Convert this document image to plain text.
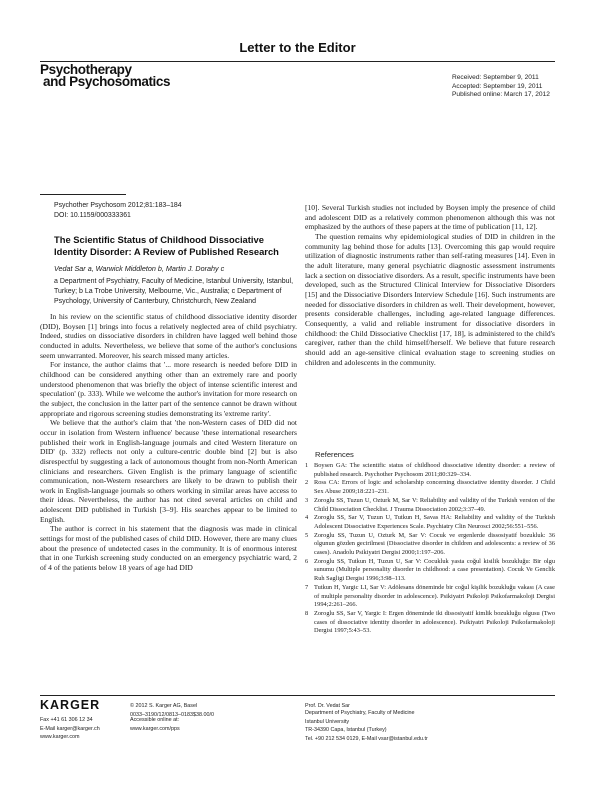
Letter to the Editor
Psychotherapy
and Psychosomatics	Received: September 9, 2011
Accepted: September 19, 2011
Published online: March 17, 2012
Psychother Psychosom 2012;81:183–184
DOI: 10.1159/000333361
The Scientific Status of Childhood Dissociative Identity Disorder: A Review of Published Research
Vedat Sar a, Warwick Middleton b, Martin J. Dorahy c
a Department of Psychiatry, Faculty of Medicine, Istanbul University, Istanbul, Turkey; b La Trobe University, Melbourne, Vic., Australia; c Department of Psychology, University of Canterbury, Christchurch, New Zealand

In his review on the scientific status of childhood dissociative identity disorder (DID), Boysen [1] brings into focus a relatively neglected area of child psychiatry. Indeed, studies on dissociative disorders in children have lagged well behind those conducted in adults. Nevertheless, we believe that some of the author's conclusions seem unwarranted. Moreover, his search missed many articles.

For instance, the author claims that '... more research is needed before DID in childhood can be considered anything other than an extremely rare and poorly understood phenomenon that was briefly the object of intense scientific interest and speculation' (p. 333). While we welcome the author's invitation for more research on the subject, the conclusion in the latter part of the sentence cannot be drawn without appropriate and rigorous screening studies demonstrating its 'extreme rarity'.

We believe that the author's claim that 'the non-Western cases of DID did not occur in isolation from Western influence' because 'these international researchers published their work in English-language journals and cited Western literature on DID' (p. 332) reflects not only a culture-centric double bind [2] but is also disrespectful by suggesting a lack of autonomous thought from non-North American clinicians and researchers. Given English is the primary language of scientific communication, non-Western researchers are likely to be drawn to publish their work in English-language journals so others working in similar areas have access to their ideas. Nevertheless, the author has not cited several articles on child and adolescent DID published in Turkish [3–9]. His searches appear to be limited to English.

The author is correct in his statement that the diagnosis was made in clinical settings for most of the published cases of child DID. However, there are many clues about the presence of undetected cases in the community. It is of enormous interest that in one Turkish screening study conducted on an emergency psychiatric ward, 2 of 4 of the patients below 18 years of age had DID

[10]. Several Turkish studies not included by Boysen imply the presence of child and adolescent DID as a relatively common phenomenon although this was not emphasized by the authors of these papers at the time of publication [11, 12].

The question remains why epidemiological studies of DID in children in the community lag behind those for adults [13]. Overcoming this gap would require utilization of diagnostic instruments rather than self-rating measures [14]. Even in the adult literature, many general psychiatric diagnostic assessment instruments lack a section on dissociative disorders. As a result, specific instruments have been developed, such as the Structured Clinical Interview for Dissociative Disorders [15] and the Dissociative Disorders Interview Schedule [16]. Such instruments are needed for dissociative disorders in children as well. Their development, however, presents considerable challenges, including age-related language differences. Consequently, a valid and reliable instrument for dissociative disorders in childhood: the Child Dissociative Checklist [17, 18], is administered to the child's caregiver, rather than the child himself/herself. We believe that future research should add an age-sensitive clinical evaluation stage to screening studies on children and adolescents in the community.

References
1 Boysen GA: The scientific status of childhood dissociative identity disorder: a review of published research. Psychother Psychosom 2011;80:329–334.
2 Ross CA: Errors of logic and scholarship concerning dissociative identity disorder. J Child Sex Abuse 2009;18:221–231.
3 Zoroglu SS, Tuzun U, Ozturk M, Sar V: Reliability and validity of the Turkish version of the Child Dissociation Checklist. J Trauma Dissociation 2002;3:37–49.
4 Zoroglu SS, Sar V, Tuzun U, Tutkun H, Savas HA: Reliability and validity of the Turkish Adolescent Dissociative Experiences Scale. Psychiatry Clin Neurosci 2002;56:551–556.
5 Zoroglu SS, Tuzun U, Ozturk M, Sar V: Cocuk ve ergenlerde dissosiyatif bozukluk: 36 olgunun gözden gecirilmesi (Dissociative disorder in children and adolescents: a review of 36 cases). Anadolu Psikiyatri Dergisi 2000;1:197–206.
6 Zoroglu SS, Tutkun H, Tuzun U, Sar V: Cocukluk yasta coğul kisilik bozukluğu: Bir olgu sunumu (Multiple personality disorder in childhood: a case presentation). Cocuk Ve Genclik Ruh Sagligi Dergisi 1996;3:98–113.
7 Tutkun H, Yargic LI, Sar V: Adölesans döneminde bir coğul kişilik bozukluğu vakası (A case of multiple personality disorder in adolescence). Psikiyatri Psikoloji Psikofarmakoloji Dergisi 1994;2:261–266.
8 Zoroglu SS, Sar V, Yargic I: Ergen döneminde iki dissosiyatif kimlik bozukluğu olgusu (Two cases of dissociative identity disorder in adolescence). Psikiyatri Psikoloji Psikofarmakoloji Dergisi 1997;5:43–53.
KARGER
Fax +41 61 306 12 34
E-Mail karger@karger.ch
www.karger.com
© 2012 S. Karger AG, Basel
0033–3190/12/0813–0183$38.00/0
Accessible online at:
www.karger.com/pps
Prof. Dr. Vedat Sar
Department of Psychiatry, Faculty of Medicine
Istanbul University
TR-34390 Capa, Istanbul (Turkey)
Tel. +90 212 534 0129, E-Mail vsar@istanbul.edu.tr
